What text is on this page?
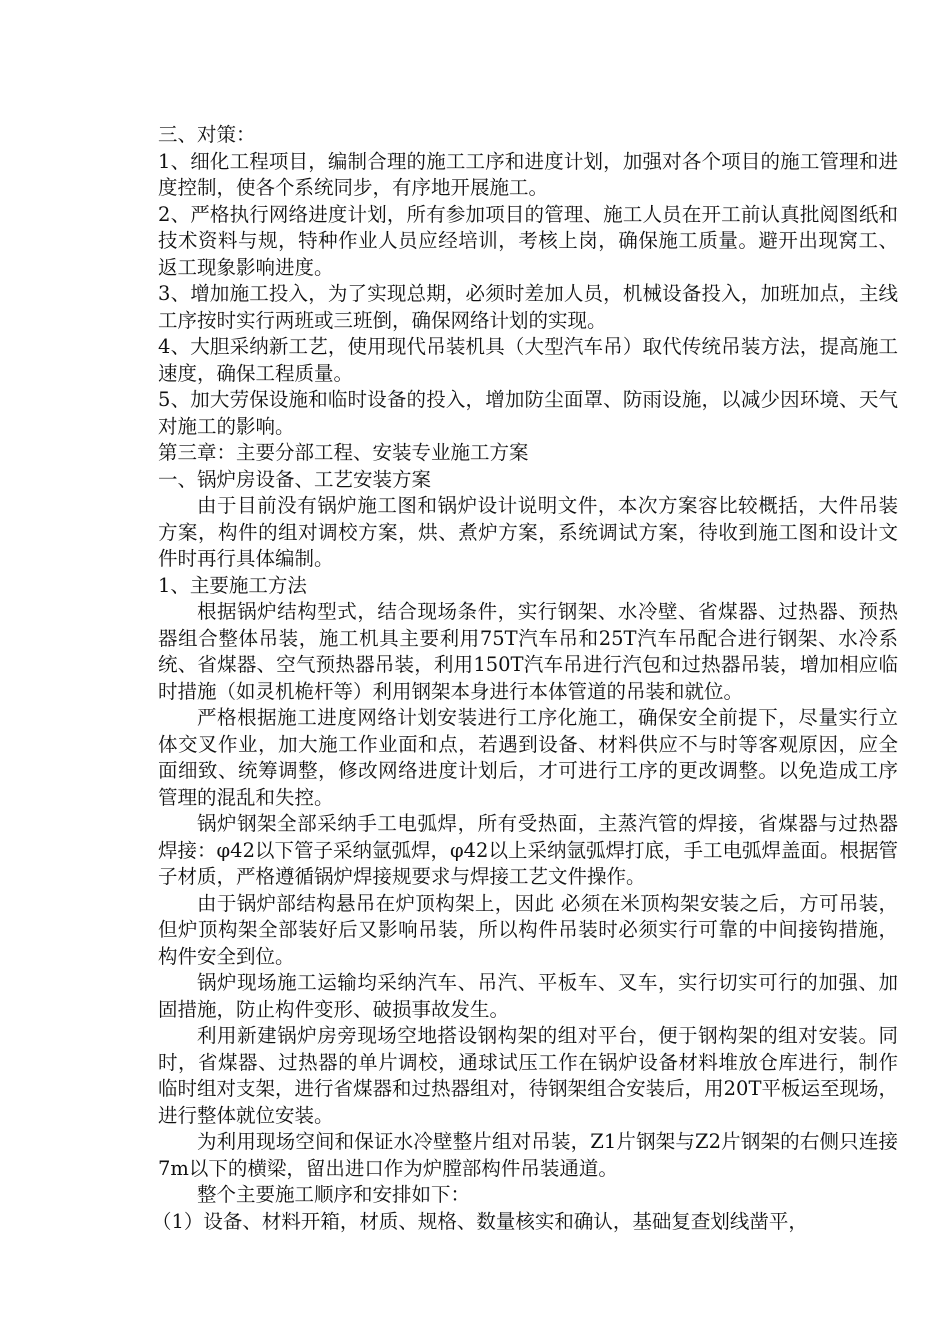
三、对策：

1、细化工程项目，编制合理的施工工序和进度计划，加强对各个项目的施工管理和进度控制，使各个系统同步，有序地开展施工。

2、严格执行网络进度计划，所有参加项目的管理、施工人员在开工前认真批阅图纸和技术资料与规，特种作业人员应经培训，考核上岗，确保施工质量。避开出现窝工、返工现象影响进度。

3、增加施工投入，为了实现总期，必须时差加人员，机械设备投入，加班加点，主线工序按时实行两班或三班倒，确保网络计划的实现。

4、大胆采纳新工艺，使用现代吊装机具（大型汽车吊）取代传统吊装方法，提高施工速度，确保工程质量。

5、加大劳保设施和临时设备的投入，增加防尘面罩、防雨设施，以减少因环境、天气对施工的影响。

第三章：主要分部工程、安装专业施工方案

一、锅炉房设备、工艺安装方案

由于目前没有锅炉施工图和锅炉设计说明文件，本次方案容比较概括，大件吊装方案，构件的组对调校方案，烘、煮炉方案，系统调试方案，待收到施工图和设计文件时再行具体编制。

1、主要施工方法

根据锅炉结构型式，结合现场条件，实行钢架、水冷壁、省煤器、过热器、预热器组合整体吊装，施工机具主要利用75T汽车吊和25T汽车吊配合进行钢架、水冷系统、省煤器、空气预热器吊装，利用150T汽车吊进行汽包和过热器吊装，增加相应临时措施（如灵机桅杆等）利用钢架本身进行本体管道的吊装和就位。

严格根据施工进度网络计划安装进行工序化施工，确保安全前提下，尽量实行立体交叉作业，加大施工作业面和点，若遇到设备、材料供应不与时等客观原因，应全面细致、统筹调整，修改网络进度计划后，才可进行工序的更改调整。以免造成工序管理的混乱和失控。

锅炉钢架全部采纳手工电弧焊，所有受热面，主蒸汽管的焊接，省煤器与过热器焊接：φ42以下管子采纳氩弧焊，φ42以上采纳氩弧焊打底，手工电弧焊盖面。根据管子材质，严格遵循锅炉焊接规要求与焊接工艺文件操作。

由于锅炉部结构悬吊在炉顶构架上，因此 必须在米顶构架安装之后，方可吊装，但炉顶构架全部装好后又影响吊装，所以构件吊装时必须实行可靠的中间接钩措施，构件安全到位。

锅炉现场施工运输均采纳汽车、吊汽、平板车、叉车，实行切实可行的加强、加固措施，防止构件变形、破损事故发生。

利用新建锅炉房旁现场空地搭设钢构架的组对平台，便于钢构架的组对安装。同时，省煤器、过热器的单片调校，通球试压工作在锅炉设备材料堆放仓库进行，制作临时组对支架，进行省煤器和过热器组对，待钢架组合安装后，用20T平板运至现场，进行整体就位安装。

为利用现场空间和保证水冷壁整片组对吊装，Z1片钢架与Z2片钢架的右侧只连接7m以下的横梁，留出进口作为炉膛部构件吊装通道。

整个主要施工顺序和安排如下：

（1）设备、材料开箱，材质、规格、数量核实和确认，基础复查划线凿平，
